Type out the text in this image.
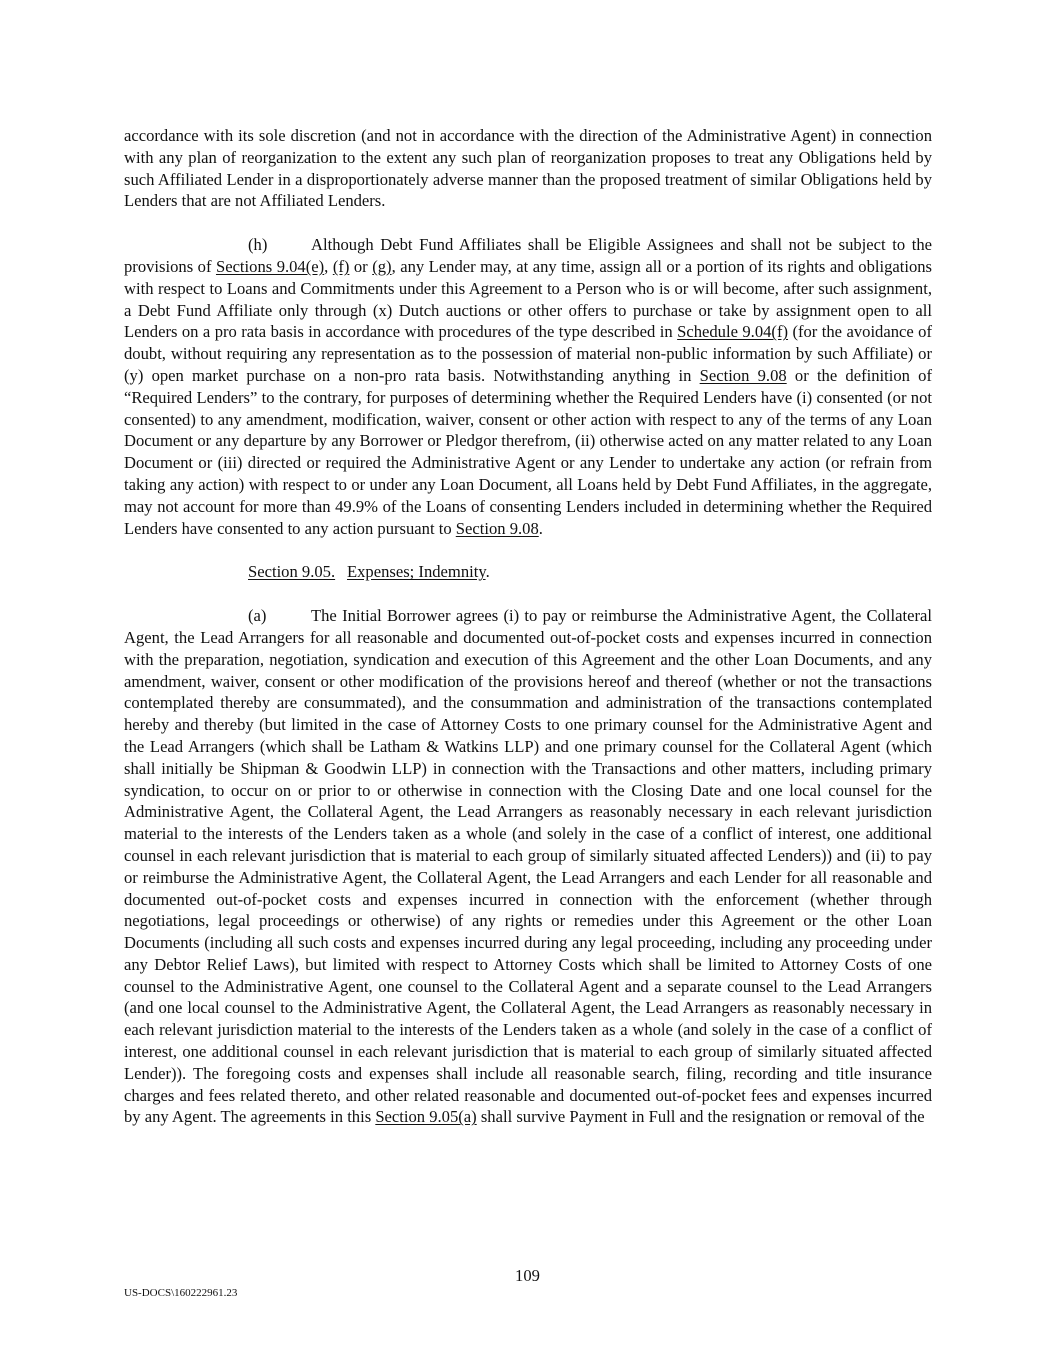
accordance with its sole discretion (and not in accordance with the direction of the Administrative Agent) in connection with any plan of reorganization to the extent any such plan of reorganization proposes to treat any Obligations held by such Affiliated Lender in a disproportionately adverse manner than the proposed treatment of similar Obligations held by Lenders that are not Affiliated Lenders.

(h)	Although Debt Fund Affiliates shall be Eligible Assignees and shall not be subject to the provisions of Sections 9.04(e), (f) or (g), any Lender may, at any time, assign all or a portion of its rights and obligations with respect to Loans and Commitments under this Agreement to a Person who is or will become, after such assignment, a Debt Fund Affiliate only through (x) Dutch auctions or other offers to purchase or take by assignment open to all Lenders on a pro rata basis in accordance with procedures of the type described in Schedule 9.04(f) (for the avoidance of doubt, without requiring any representation as to the possession of material non-public information by such Affiliate) or (y) open market purchase on a non-pro rata basis. Notwithstanding anything in Section 9.08 or the definition of “Required Lenders” to the contrary, for purposes of determining whether the Required Lenders have (i) consented (or not consented) to any amendment, modification, waiver, consent or other action with respect to any of the terms of any Loan Document or any departure by any Borrower or Pledgor therefrom, (ii) otherwise acted on any matter related to any Loan Document or (iii) directed or required the Administrative Agent or any Lender to undertake any action (or refrain from taking any action) with respect to or under any Loan Document, all Loans held by Debt Fund Affiliates, in the aggregate, may not account for more than 49.9% of the Loans of consenting Lenders included in determining whether the Required Lenders have consented to any action pursuant to Section 9.08.

Section 9.05. Expenses; Indemnity.

(a)	The Initial Borrower agrees (i) to pay or reimburse the Administrative Agent, the Collateral Agent, the Lead Arrangers for all reasonable and documented out-of-pocket costs and expenses incurred in connection with the preparation, negotiation, syndication and execution of this Agreement and the other Loan Documents, and any amendment, waiver, consent or other modification of the provisions hereof and thereof (whether or not the transactions contemplated thereby are consummated), and the consummation and administration of the transactions contemplated hereby and thereby (but limited in the case of Attorney Costs to one primary counsel for the Administrative Agent and the Lead Arrangers (which shall be Latham & Watkins LLP) and one primary counsel for the Collateral Agent (which shall initially be Shipman & Goodwin LLP) in connection with the Transactions and other matters, including primary syndication, to occur on or prior to or otherwise in connection with the Closing Date and one local counsel for the Administrative Agent, the Collateral Agent, the Lead Arrangers as reasonably necessary in each relevant jurisdiction material to the interests of the Lenders taken as a whole (and solely in the case of a conflict of interest, one additional counsel in each relevant jurisdiction that is material to each group of similarly situated affected Lenders)) and (ii) to pay or reimburse the Administrative Agent, the Collateral Agent, the Lead Arrangers and each Lender for all reasonable and documented out-of-pocket costs and expenses incurred in connection with the enforcement (whether through negotiations, legal proceedings or otherwise) of any rights or remedies under this Agreement or the other Loan Documents (including all such costs and expenses incurred during any legal proceeding, including any proceeding under any Debtor Relief Laws), but limited with respect to Attorney Costs which shall be limited to Attorney Costs of one counsel to the Administrative Agent, one counsel to the Collateral Agent and a separate counsel to the Lead Arrangers (and one local counsel to the Administrative Agent, the Collateral Agent, the Lead Arrangers as reasonably necessary in each relevant jurisdiction material to the interests of the Lenders taken as a whole (and solely in the case of a conflict of interest, one additional counsel in each relevant jurisdiction that is material to each group of similarly situated affected Lender)). The foregoing costs and expenses shall include all reasonable search, filing, recording and title insurance charges and fees related thereto, and other related reasonable and documented out-of-pocket fees and expenses incurred by any Agent. The agreements in this Section 9.05(a) shall survive Payment in Full and the resignation or removal of the

109
US-DOCS\160222961.23
